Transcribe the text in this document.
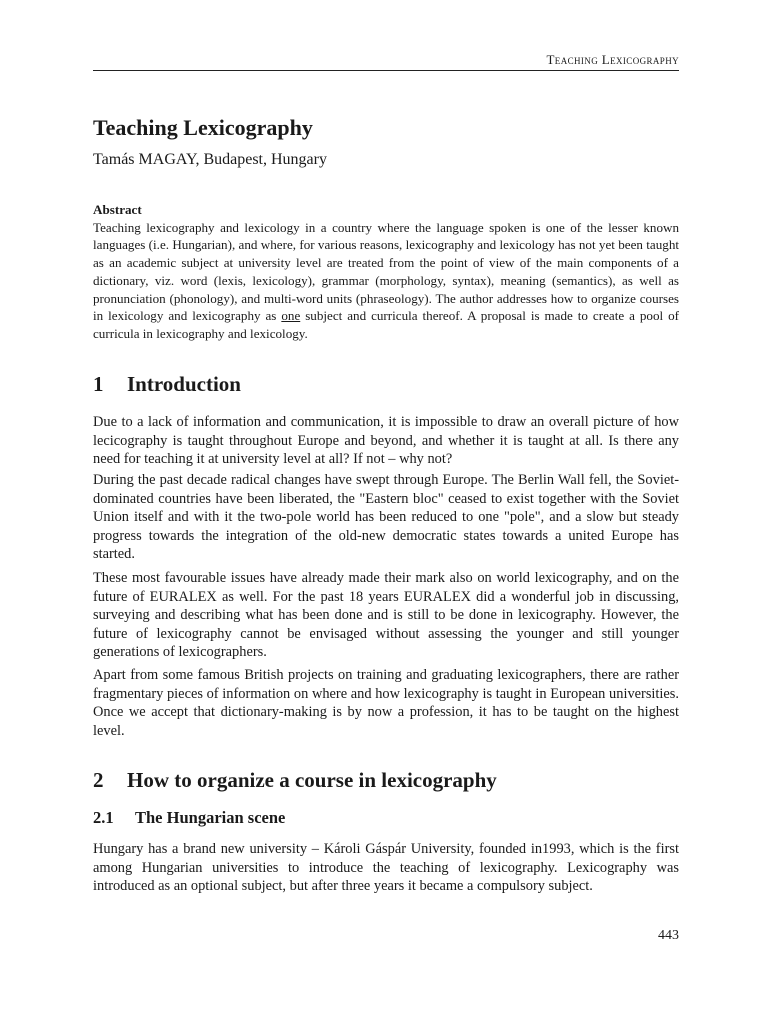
Teaching Lexicography
Teaching Lexicography
Tamás MAGAY, Budapest, Hungary
Abstract
Teaching lexicography and lexicology in a country where the language spoken is one of the lesser known languages (i.e. Hungarian), and where, for various reasons, lexicography and lexicology has not yet been taught as an academic subject at university level are treated from the point of view of the main components of a dictionary, viz. word (lexis, lexicology), grammar (morphology, syntax), meaning (semantics), as well as pronunciation (phonology), and multi-word units (phraseology). The author addresses how to organize courses in lexicology and lexicography as one subject and curricula thereof. A proposal is made to create a pool of curricula in lexicography and lexicology.
1 Introduction

Due to a lack of information and communication, it is impossible to draw an overall picture of how lecicography is taught throughout Europe and beyond, and whether it is taught at all. Is there any need for teaching it at university level at all? If not – why not?

During the past decade radical changes have swept through Europe. The Berlin Wall fell, the Soviet-dominated countries have been liberated, the "Eastern bloc" ceased to exist together with the Soviet Union itself and with it the two-pole world has been reduced to one "pole", and a slow but steady progress towards the integration of the old-new democratic states towards a united Europe has started.

These most favourable issues have already made their mark also on world lexicography, and on the future of EURALEX as well. For the past 18 years EURALEX did a wonderful job in discussing, surveying and describing what has been done and is still to be done in lexicography. However, the future of lexicography cannot be envisaged without assessing the younger and still younger generations of lexicographers.

Apart from some famous British projects on training and graduating lexicographers, there are rather fragmentary pieces of information on where and how lexicography is taught in European universities. Once we accept that dictionary-making is by now a profession, it has to be taught on the highest level.

2 How to organize a course in lexicography
2.1 The Hungarian scene

Hungary has a brand new university – Károli Gáspár University, founded in1993, which is the first among Hungarian universities to introduce the teaching of lexicography. Lexicography was introduced as an optional subject, but after three years it became a compulsory subject.

443
